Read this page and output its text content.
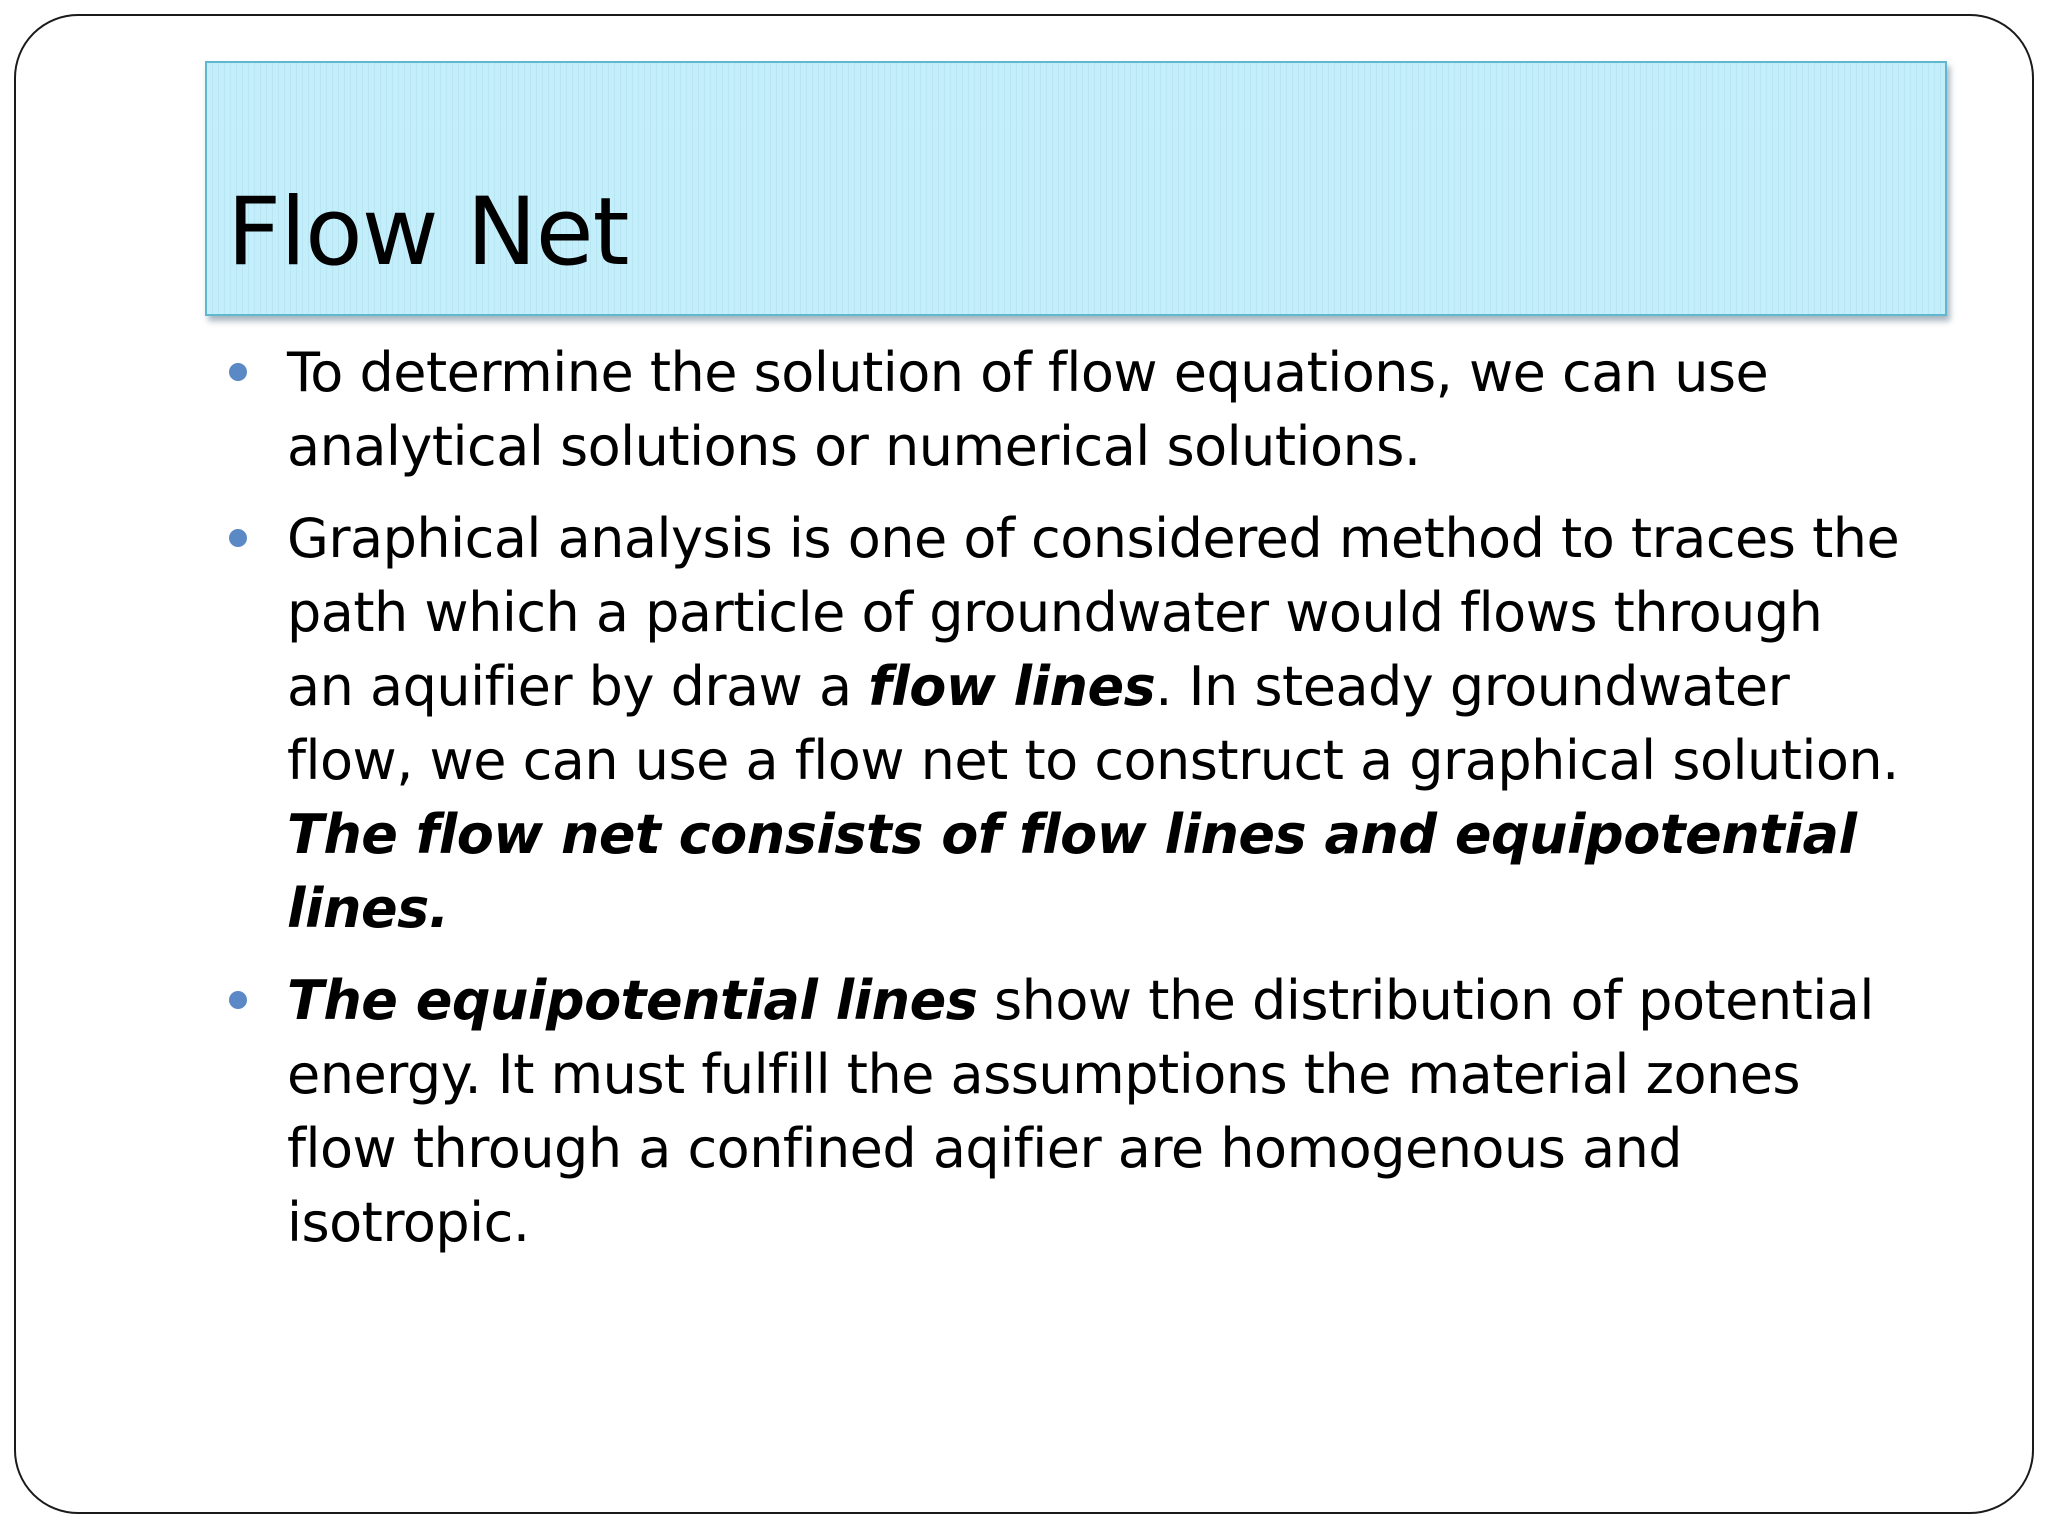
Flow Net
To determine the solution of flow equations, we can use analytical solutions or numerical solutions.
Graphical analysis is one of considered method to traces the path which a particle of groundwater would flows through an aquifier by draw a flow lines. In steady groundwater flow, we can use a flow net to construct a graphical solution. The flow net consists of flow lines and equipotential lines.
The equipotential lines show the distribution of potential energy. It must fulfill the assumptions the material zones flow through a confined aqifier are homogenous and isotropic.
